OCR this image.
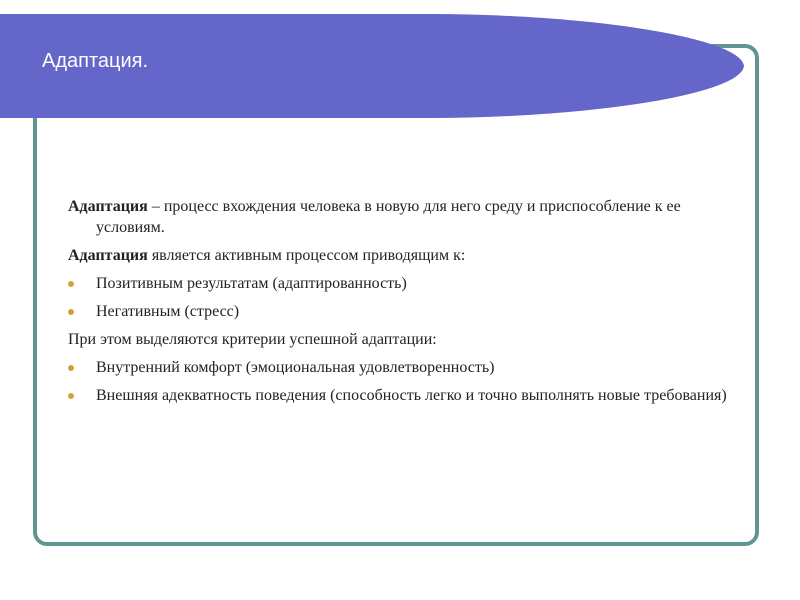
Адаптация.

Адаптация – процесс вхождения человека в новую для него среду и приспособление к ее условиям.

Адаптация является активным процессом приводящим к:

Позитивным результатам (адаптированность)
Негативным (стресс)

При этом выделяются критерии успешной адаптации:

Внутренний комфорт (эмоциональная удовлетворенность)
Внешняя адекватность поведения (способность легко и точно выполнять новые требования)
